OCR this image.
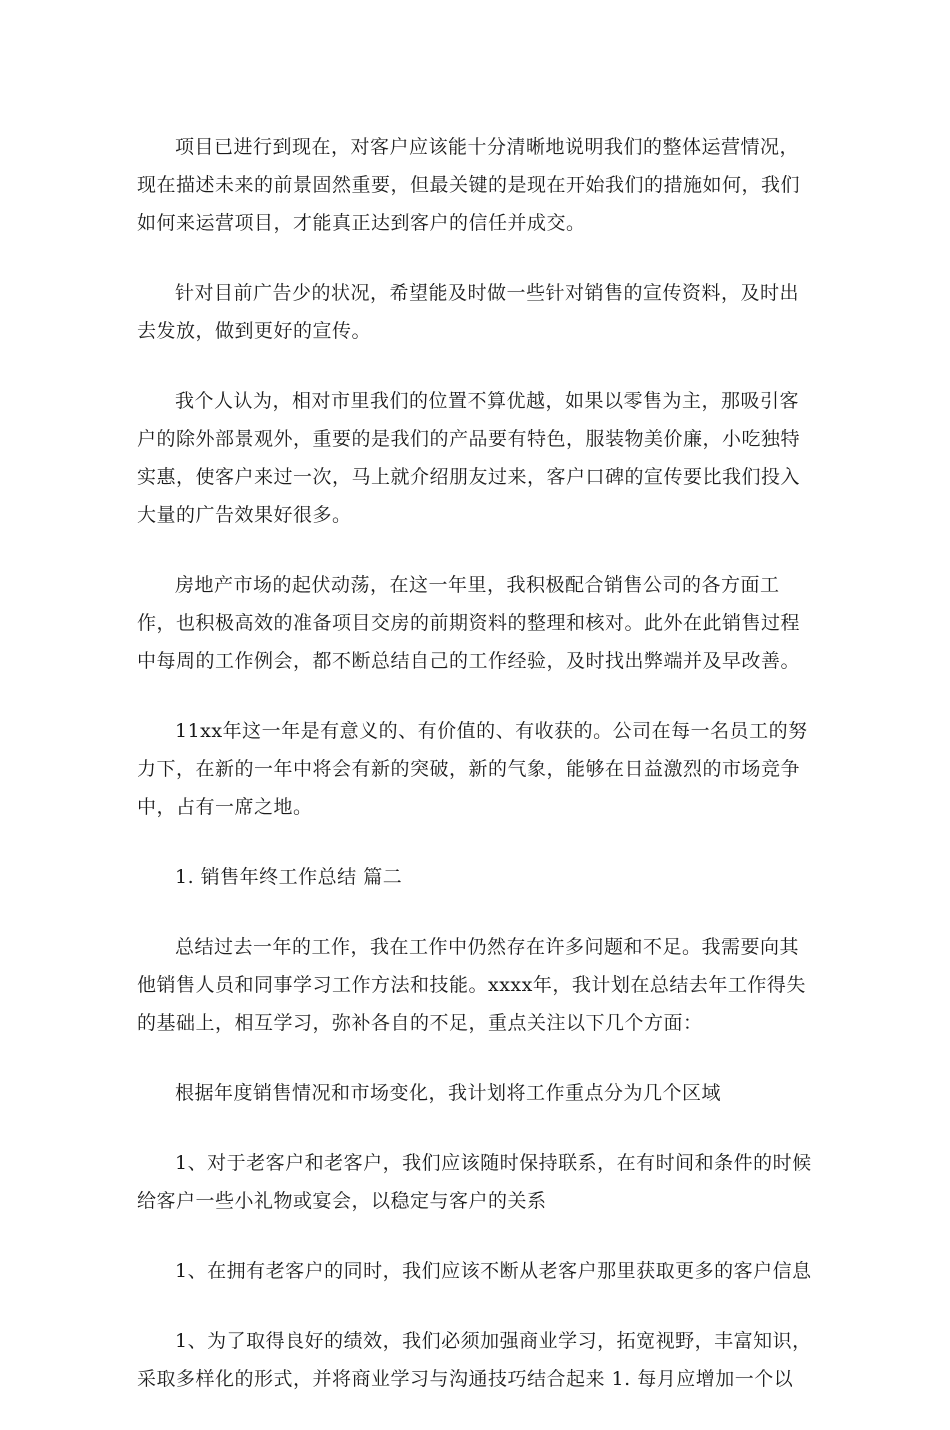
项目已进行到现在，对客户应该能十分清晰地说明我们的整体运营情况，现在描述未来的前景固然重要，但最关键的是现在开始我们的措施如何，我们如何来运营项目，才能真正达到客户的信任并成交。

针对目前广告少的状况，希望能及时做一些针对销售的宣传资料，及时出去发放，做到更好的宣传。

我个人认为，相对市里我们的位置不算优越，如果以零售为主，那吸引客户的除外部景观外，重要的是我们的产品要有特色，服装物美价廉，小吃独特实惠，使客户来过一次，马上就介绍朋友过来，客户口碑的宣传要比我们投入大量的广告效果好很多。

房地产市场的起伏动荡，在这一年里，我积极配合销售公司的各方面工作，也积极高效的准备项目交房的前期资料的整理和核对。此外在此销售过程中每周的工作例会，都不断总结自己的工作经验，及时找出弊端并及早改善。

11xx年这一年是有意义的、有价值的、有收获的。公司在每一名员工的努力下，在新的一年中将会有新的突破，新的气象，能够在日益激烈的市场竞争中，占有一席之地。

1. 销售年终工作总结 篇二

总结过去一年的工作，我在工作中仍然存在许多问题和不足。我需要向其他销售人员和同事学习工作方法和技能。xxxx年，我计划在总结去年工作得失的基础上，相互学习，弥补各自的不足，重点关注以下几个方面：

根据年度销售情况和市场变化，我计划将工作重点分为几个区域

1、对于老客户和老客户，我们应该随时保持联系，在有时间和条件的时候给客户一些小礼物或宴会，以稳定与客户的关系

1、在拥有老客户的同时，我们应该不断从老客户那里获取更多的客户信息

1、为了取得良好的绩效，我们必须加强商业学习，拓宽视野，丰富知识，采取多样化的形式，并将商业学习与沟通技巧结合起来 1. 每月应增加一个以
